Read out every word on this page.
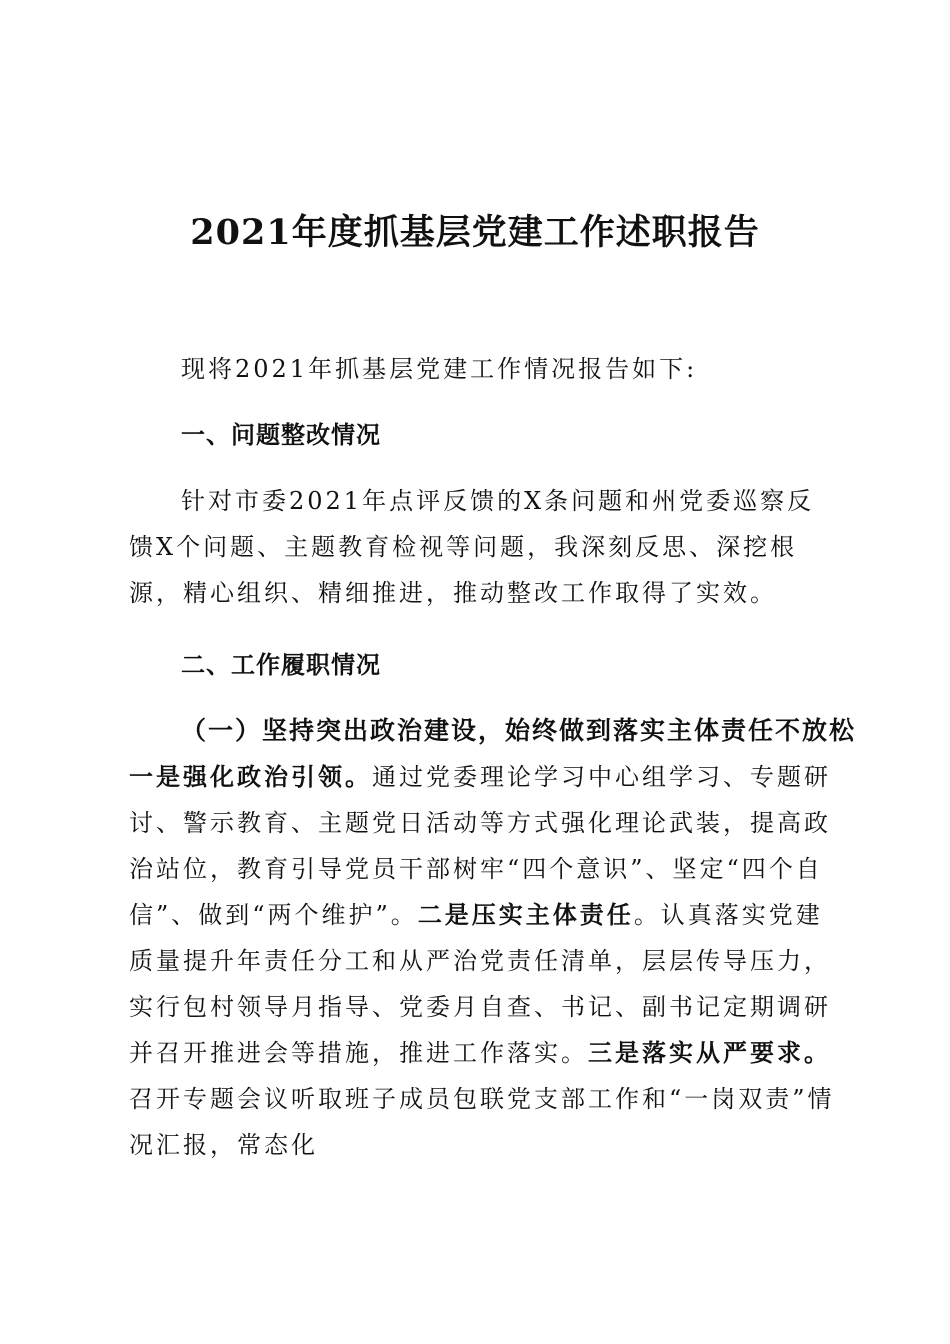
2021年度抓基层党建工作述职报告
现将2021年抓基层党建工作情况报告如下:
一、问题整改情况
针对市委2021年点评反馈的X条问题和州党委巡察反馈X个问题、主题教育检视等问题，我深刻反思、深挖根源，精心组织、精细推进，推动整改工作取得了实效。
二、工作履职情况
（一）坚持突出政治建设，始终做到落实主体责任不放松
一是强化政治引领。通过党委理论学习中心组学习、专题研讨、警示教育、主题党日活动等方式强化理论武装，提高政治站位，教育引导党员干部树牢“四个意识”、坚定“四个自信”、做到“两个维护”。二是压实主体责任。认真落实党建质量提升年责任分工和从严治党责任清单，层层传导压力，实行包村领导月指导、党委月自查、书记、副书记定期调研并召开推进会等措施，推进工作落实。三是落实从严要求。召开专题会议听取班子成员包联党支部工作和“一岗双责”情况汇报，常态化
